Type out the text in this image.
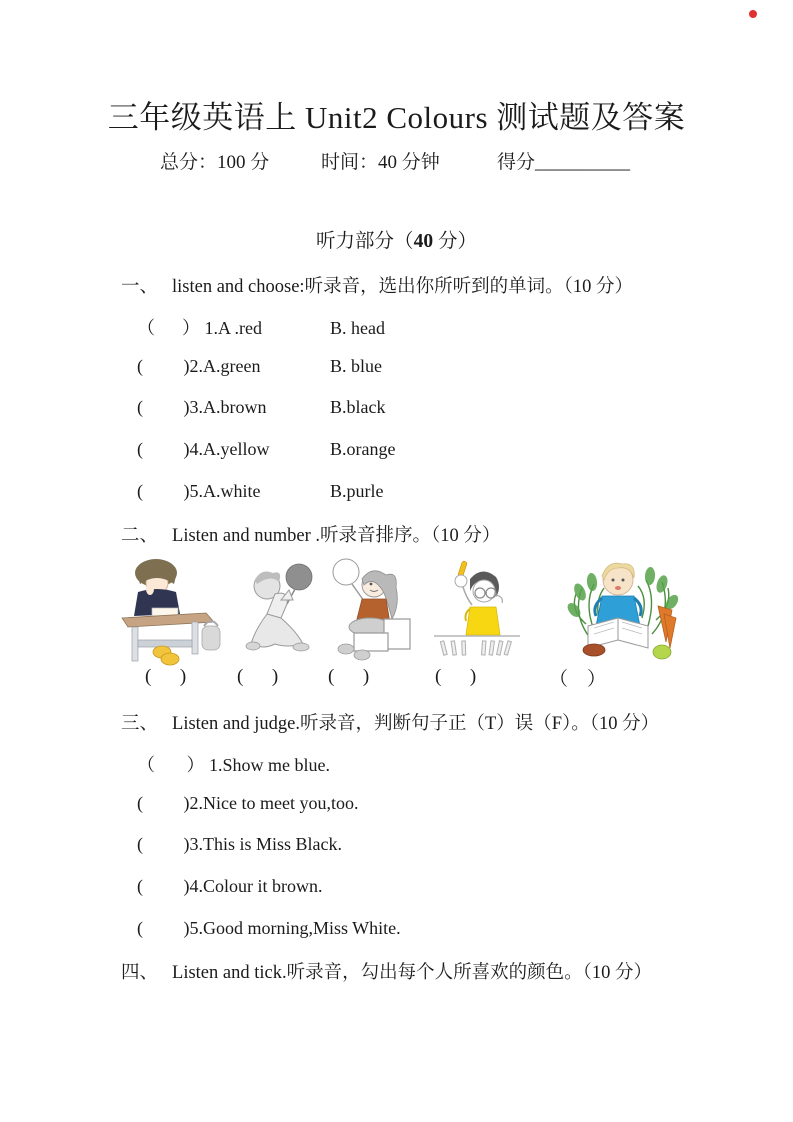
三年级英语上 Unit2 Colours 测试题及答案
总分：100 分	时间：40 分钟	得分__________
听力部分（40 分）
一、 listen and choose:听录音，选出你所听到的单词。（10 分）
（      ） 1.A .red	B. head
(         )2.A.green	B. blue
(         )3.A.brown	B.black
(         )4.A.yellow	B.orange
(         )5.A.white	B.purle
二、 Listen and number .听录音排序。（10 分）
(      )	(      )	(      )	(      )	（    ）
三、 Listen and judge.听录音，判断句子正（T）误（F）。（10 分）
（       ） 1.Show me blue.
(         )2.Nice to meet you,too.
(         )3.This is Miss Black.
(         )4.Colour it brown.
(         )5.Good morning,Miss White.
四、 Listen and tick.听录音，勾出每个人所喜欢的颜色。（10 分）
